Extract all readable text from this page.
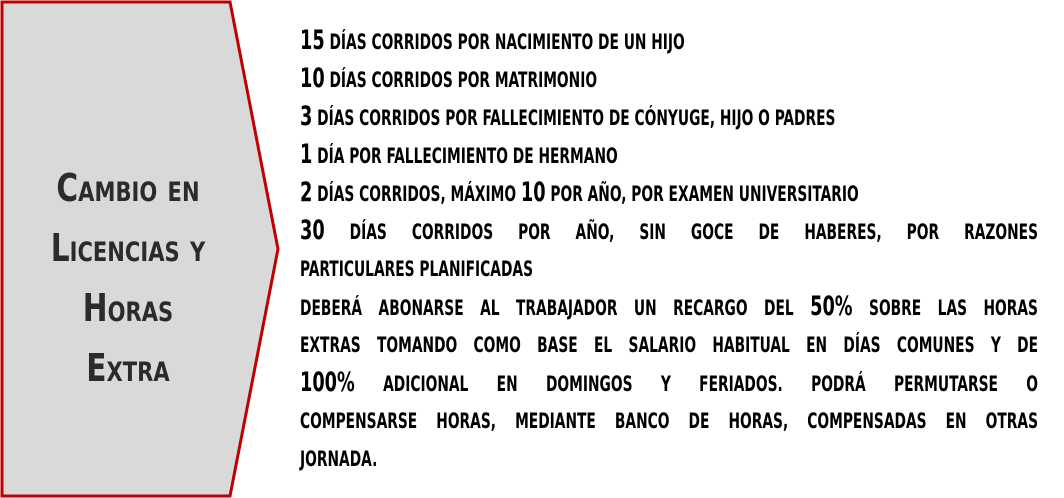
Cambio en
Licencias y
Horas Extra
15 DÍAS CORRIDOS POR NACIMIENTO DE UN HIJO
10 DÍAS CORRIDOS POR MATRIMONIO
3 DÍAS CORRIDOS POR FALLECIMIENTO DE CÓNYUGE, HIJO O PADRES
1 DÍA POR FALLECIMIENTO DE HERMANO
2 DÍAS CORRIDOS, MÁXIMO 10 POR AÑO, POR EXAMEN UNIVERSITARIO
30 DÍAS CORRIDOS POR AÑO, SIN GOCE DE HABERES, POR RAZONES
PARTICULARES PLANIFICADAS
DEBERÁ ABONARSE AL TRABAJADOR UN RECARGO DEL 50% SOBRE LAS HORAS
EXTRAS TOMANDO COMO BASE EL SALARIO HABITUAL EN DÍAS COMUNES Y DE
100% ADICIONAL EN DOMINGOS Y FERIADOS. PODRÁ PERMUTARSE O
COMPENSARSE HORAS, MEDIANTE BANCO DE HORAS, COMPENSADAS EN OTRAS
JORNADA.
